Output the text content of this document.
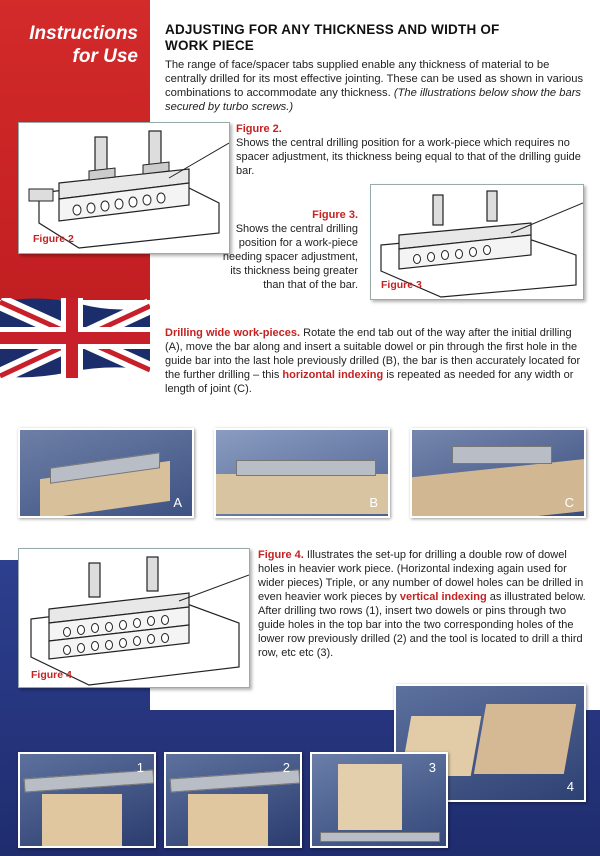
Instructions
for Use
ADJUSTING FOR ANY THICKNESS AND WIDTH OF
WORK PIECE
The range of face/spacer tabs supplied enable any thickness of material to be centrally drilled for its most effective jointing. These can be used as shown in various combinations to accommodate any thickness. (The illustrations below show the bars secured by turbo screws.)
Figure 2
Figure 2.
Shows the central drilling position for a work-piece which requires no spacer adjustment, its thickness being equal to that of the drilling guide bar.
Figure 3
Figure 3.
Shows the central drilling position for a work-piece needing spacer adjustment, its thickness being greater than that of the bar.
Drilling wide work-pieces. Rotate the end tab out of the way after the initial drilling (A), move the bar along and insert a suitable dowel or pin through the first hole in the guide bar into the last hole previously drilled (B), the bar is then accurately located for the further drilling – this horizontal indexing is repeated as needed for any width or length of joint (C).
A	B	C
Figure 4
Figure 4. Illustrates the set-up for drilling a double row of dowel holes in heavier work piece. (Horizontal indexing again used for wider pieces) Triple, or any number of dowel holes can be drilled in even heavier work pieces by vertical indexing as illustrated below.
After drilling two rows (1), insert two dowels or pins through two guide holes in the top bar into the two corresponding holes of the lower row previously drilled (2) and the tool is located to drill a third row, etc etc (3).
4
1	2	3
